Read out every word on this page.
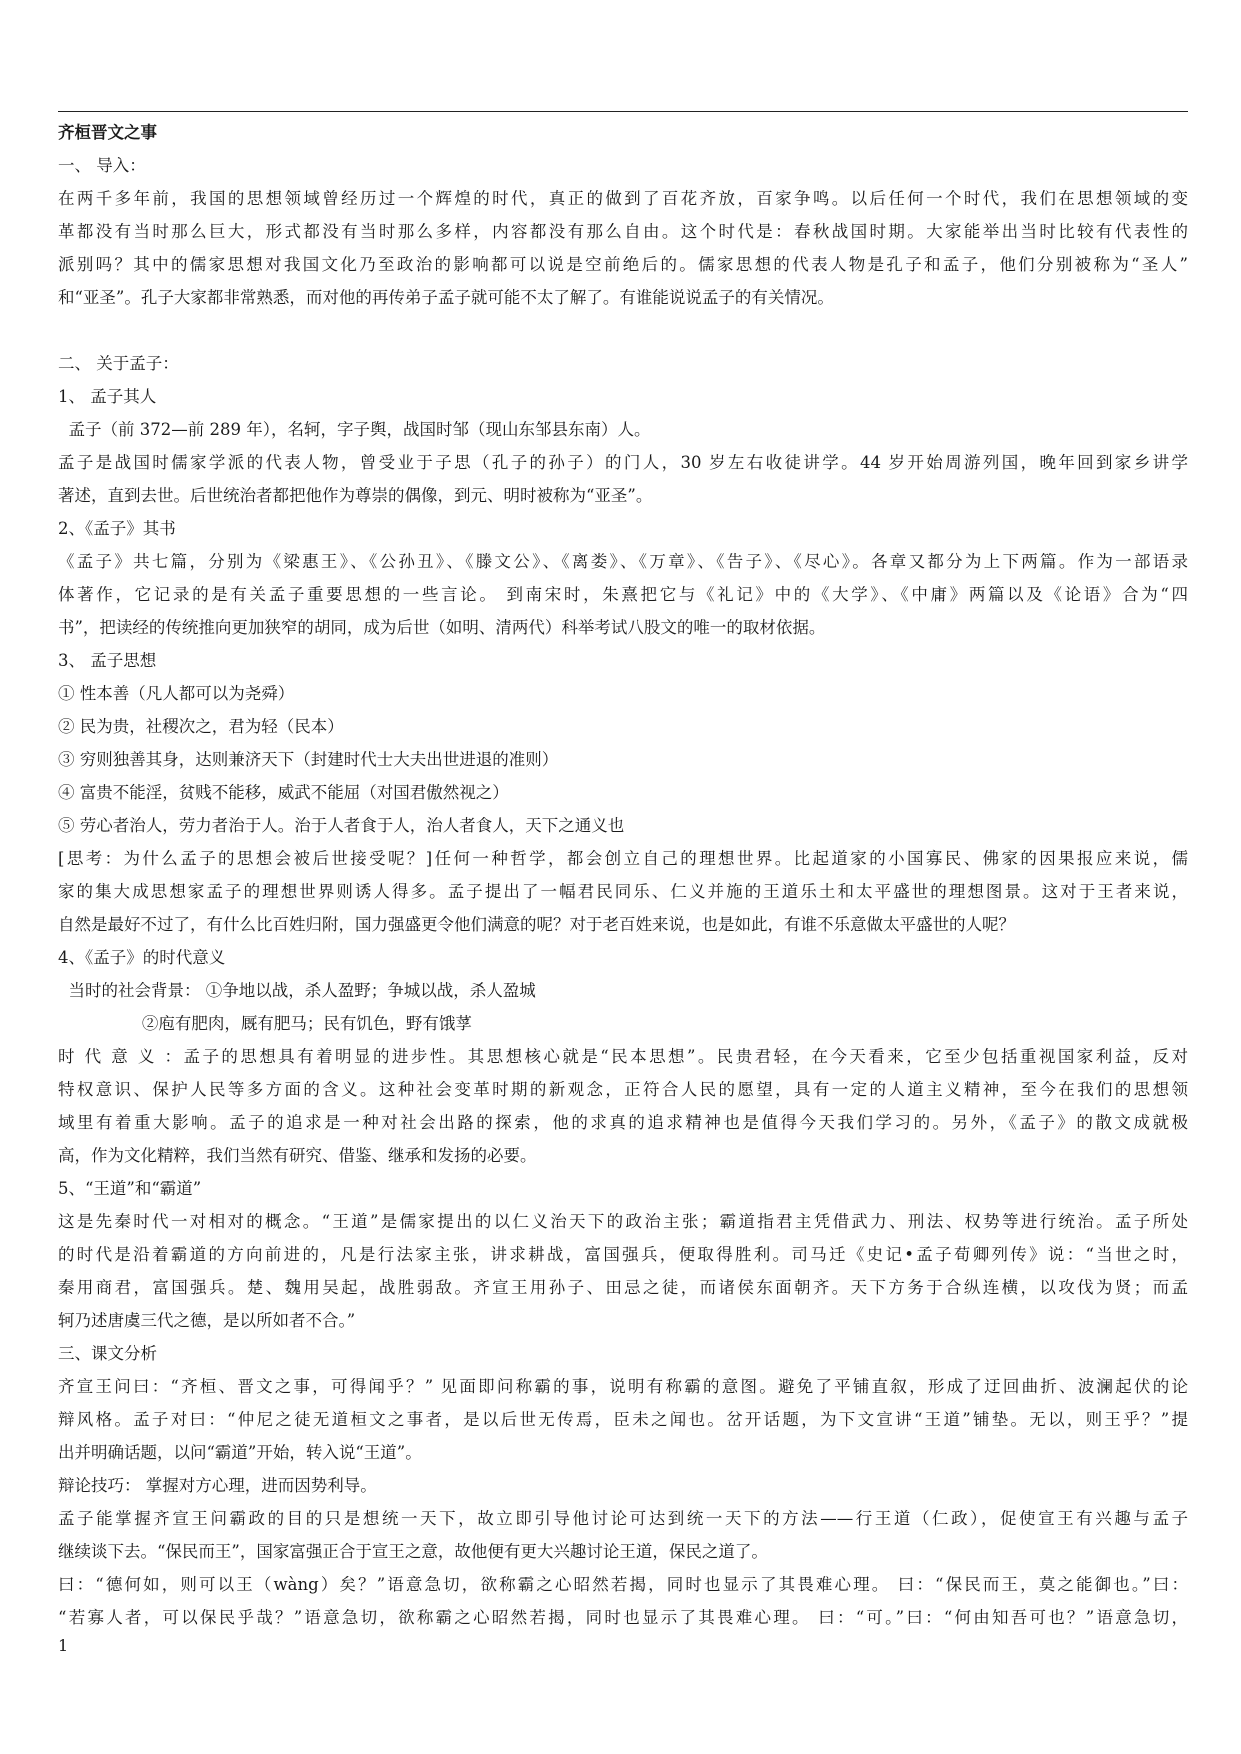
齐桓晋文之事
一、 导入：
在两千多年前，我国的思想领域曾经历过一个辉煌的时代，真正的做到了百花齐放，百家争鸣。以后任何一个时代，我们在思想领域的变
革都没有当时那么巨大，形式都没有当时那么多样，内容都没有那么自由。这个时代是：春秋战国时期。大家能举出当时比较有代表性的
派别吗？其中的儒家思想对我国文化乃至政治的影响都可以说是空前绝后的。儒家思想的代表人物是孔子和孟子，他们分别被称为“圣人”
和“亚圣”。孔子大家都非常熟悉，而对他的再传弟子孟子就可能不太了解了。有谁能说说孟子的有关情况。
二、 关于孟子：
1、 孟子其人
孟子（前 372—前 289 年），名轲，字子舆，战国时邹（现山东邹县东南）人。
孟子是战国时儒家学派的代表人物，曾受业于子思（孔子的孙子）的门人，30 岁左右收徒讲学。44 岁开始周游列国，晚年回到家乡讲学
著述，直到去世。后世统治者都把他作为尊崇的偶像，到元、明时被称为“亚圣”。
2、《孟子》其书
《孟子》共七篇，分别为《梁惠王》、《公孙丑》、《滕文公》、《离娄》、《万章》、《告子》、《尽心》。各章又都分为上下两篇。作为一部语录
体著作，它记录的是有关孟子重要思想的一些言论。 到南宋时，朱熹把它与《礼记》中的《大学》、《中庸》两篇以及《论语》合为“四
书”，把读经的传统推向更加狭窄的胡同，成为后世（如明、清两代）科举考试八股文的唯一的取材依据。
3、 孟子思想
① 性本善（凡人都可以为尧舜）
② 民为贵，社稷次之，君为轻（民本）
③ 穷则独善其身，达则兼济天下（封建时代士大夫出世进退的准则）
④ 富贵不能淫，贫贱不能移，威武不能屈（对国君傲然视之）
⑤ 劳心者治人，劳力者治于人。治于人者食于人，治人者食人，天下之通义也
[思考：为什么孟子的思想会被后世接受呢？]任何一种哲学，都会创立自己的理想世界。比起道家的小国寡民、佛家的因果报应来说，儒
家的集大成思想家孟子的理想世界则诱人得多。孟子提出了一幅君民同乐、仁义并施的王道乐土和太平盛世的理想图景。这对于王者来说，
自然是最好不过了，有什么比百姓归附，国力强盛更令他们满意的呢？对于老百姓来说，也是如此，有谁不乐意做太平盛世的人呢？
4、《孟子》的时代意义
当时的社会背景： ①争地以战，杀人盈野；争城以战，杀人盈城
②庖有肥肉，厩有肥马；民有饥色，野有饿莩
时 代 意 义 ：孟子的思想具有着明显的进步性。其思想核心就是“民本思想”。民贵君轻，在今天看来，它至少包括重视国家利益，反对
特权意识、保护人民等多方面的含义。这种社会变革时期的新观念，正符合人民的愿望，具有一定的人道主义精神，至今在我们的思想领
域里有着重大影响。孟子的追求是一种对社会出路的探索，他的求真的追求精神也是值得今天我们学习的。另外，《孟子》的散文成就极
高，作为文化精粹，我们当然有研究、借鉴、继承和发扬的必要。
5、“王道”和“霸道”
这是先秦时代一对相对的概念。“王道”是儒家提出的以仁义治天下的政治主张；霸道指君主凭借武力、刑法、权势等进行统治。孟子所处
的时代是沿着霸道的方向前进的，凡是行法家主张，讲求耕战，富国强兵，便取得胜利。司马迁《史记•孟子荀卿列传》说：“当世之时，
秦用商君，富国强兵。楚、魏用吴起，战胜弱敌。齐宣王用孙子、田忌之徒，而诸侯东面朝齐。天下方务于合纵连横，以攻伐为贤；而孟
轲乃述唐虞三代之德，是以所如者不合。”
三、课文分析
齐宣王问曰：“齐桓、晋文之事，可得闻乎？” 见面即问称霸的事，说明有称霸的意图。避免了平铺直叙，形成了迂回曲折、波澜起伏的论
辩风格。孟子对曰：“仲尼之徒无道桓文之事者，是以后世无传焉，臣未之闻也。岔开话题，为下文宣讲“王道”铺垫。无以，则王乎？”提
出并明确话题，以问“霸道”开始，转入说“王道”。
辩论技巧： 掌握对方心理，进而因势利导。
孟子能掌握齐宣王问霸政的目的只是想统一天下，故立即引导他讨论可达到统一天下的方法——行王道（仁政），促使宣王有兴趣与孟子
继续谈下去。“保民而王”，国家富强正合于宣王之意，故他便有更大兴趣讨论王道，保民之道了。
曰：“德何如，则可以王（wàng）矣？”语意急切，欲称霸之心昭然若揭，同时也显示了其畏难心理。 曰：“保民而王，莫之能御也。”曰：
“若寡人者，可以保民乎哉？”语意急切，欲称霸之心昭然若揭，同时也显示了其畏难心理。 曰：“可。”曰：“何由知吾可也？”语意急切，
1
